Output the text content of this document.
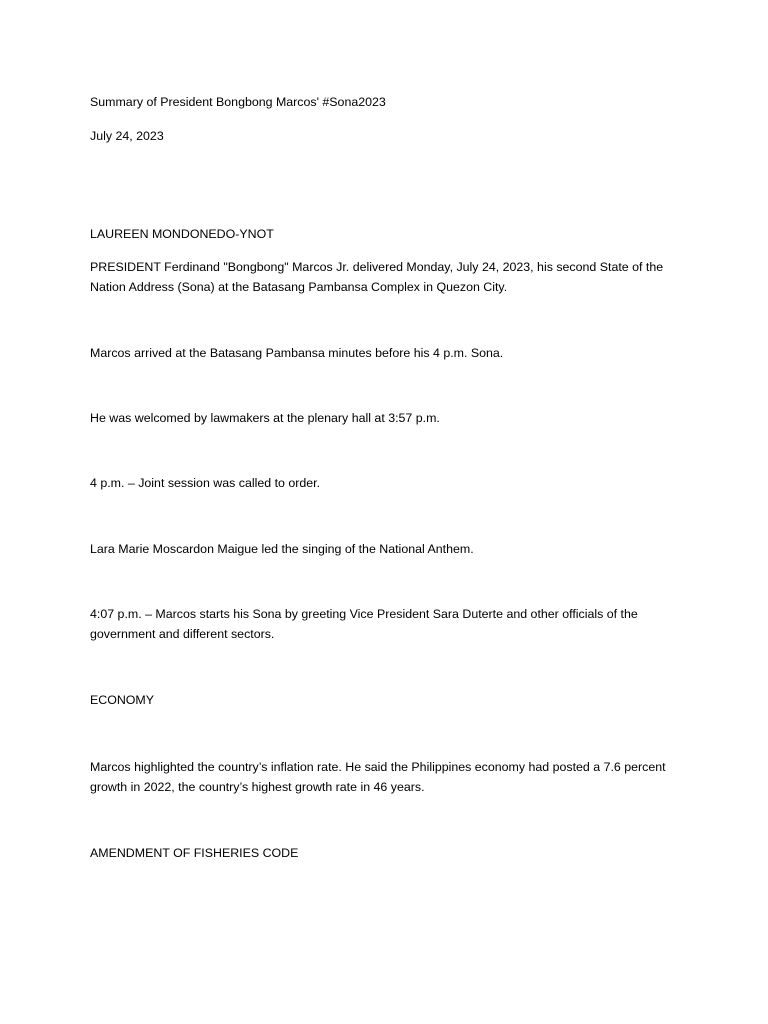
Summary of President Bongbong Marcos' #Sona2023
July 24, 2023
LAUREEN MONDONEDO-YNOT
PRESIDENT Ferdinand "Bongbong" Marcos Jr. delivered Monday, July 24, 2023, his second State of the Nation Address (Sona) at the Batasang Pambansa Complex in Quezon City.
Marcos arrived at the Batasang Pambansa minutes before his 4 p.m. Sona.
He was welcomed by lawmakers at the plenary hall at 3:57 p.m.
4 p.m. – Joint session was called to order.
Lara Marie Moscardon Maigue led the singing of the National Anthem.
4:07 p.m. – Marcos starts his Sona by greeting Vice President Sara Duterte and other officials of the government and different sectors.
ECONOMY
Marcos highlighted the country’s inflation rate. He said the Philippines economy had posted a 7.6 percent growth in 2022, the country’s highest growth rate in 46 years.
AMENDMENT OF FISHERIES CODE
